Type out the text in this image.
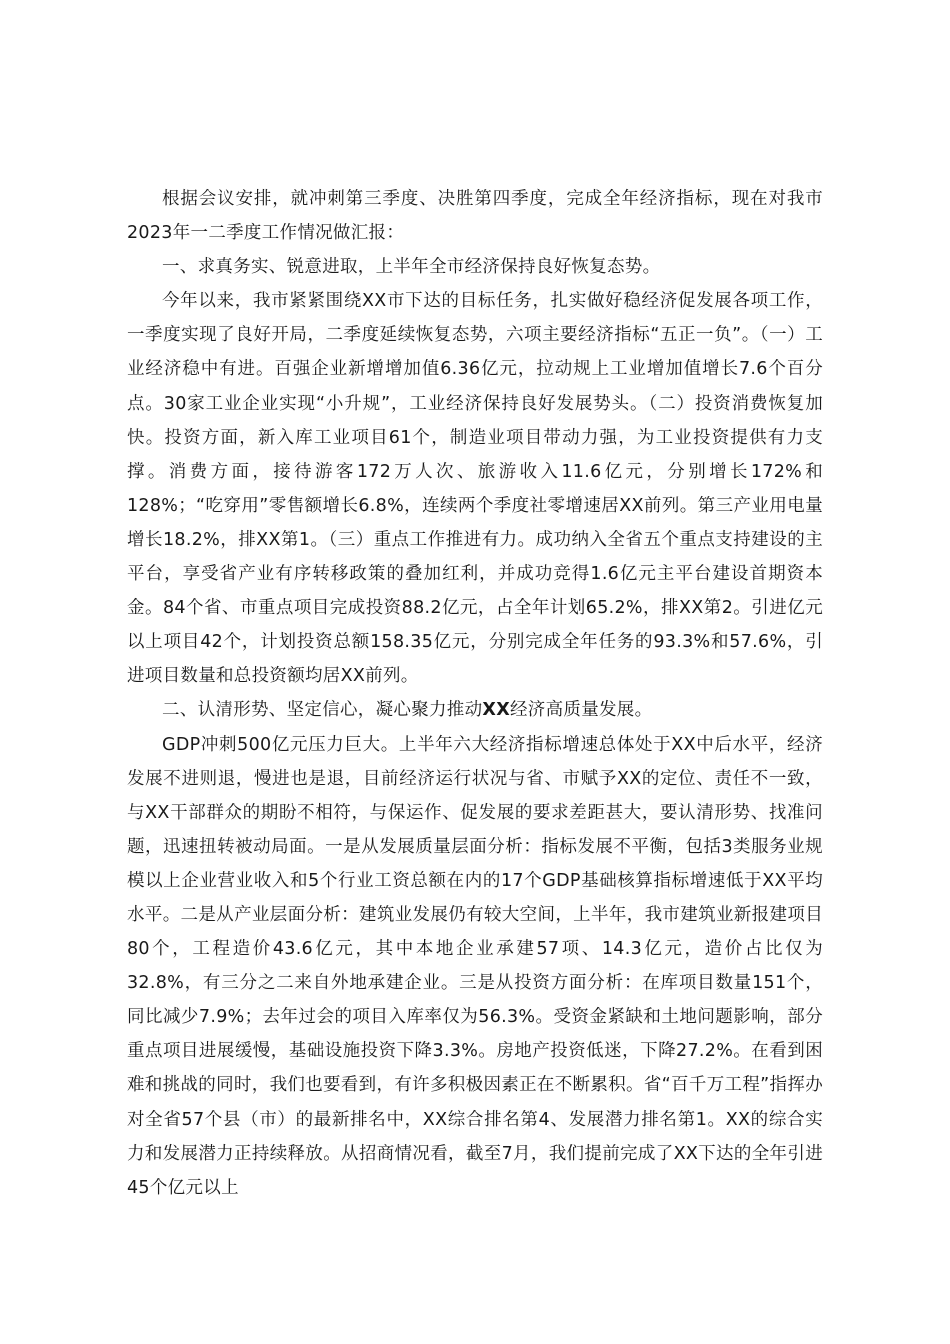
根据会议安排，就冲刺第三季度、决胜第四季度，完成全年经济指标，现在对我市2023年一二季度工作情况做汇报：

一、求真务实、锐意进取，上半年全市经济保持良好恢复态势。

今年以来，我市紧紧围绕XX市下达的目标任务，扎实做好稳经济促发展各项工作，一季度实现了良好开局，二季度延续恢复态势，六项主要经济指标“五正一负”。（一）工业经济稳中有进。百强企业新增增加值6.36亿元，拉动规上工业增加值增长7.6个百分点。30家工业企业实现“小升规”，工业经济保持良好发展势头。（二）投资消费恢复加快。投资方面，新入库工业项目61个，制造业项目带动力强，为工业投资提供有力支撑。消费方面，接待游客172万人次、旅游收入11.6亿元，分别增长172%和128%；“吃穿用”零售额增长6.8%，连续两个季度社零增速居XX前列。第三产业用电量增长18.2%，排XX第1。（三）重点工作推进有力。成功纳入全省五个重点支持建设的主平台，享受省产业有序转移政策的叠加红利，并成功竞得1.6亿元主平台建设首期资本金。84个省、市重点项目完成投资88.2亿元，占全年计划65.2%，排XX第2。引进亿元以上项目42个，计划投资总额158.35亿元，分别完成全年任务的93.3%和57.6%，引进项目数量和总投资额均居XX前列。

二、认清形势、坚定信心，凝心聚力推动XX经济高质量发展。

GDP冲刺500亿元压力巨大。上半年六大经济指标增速总体处于XX中后水平，经济发展不进则退，慢进也是退，目前经济运行状况与省、市赋予XX的定位、责任不一致，与XX干部群众的期盼不相符，与保运作、促发展的要求差距甚大，要认清形势、找准问题，迅速扭转被动局面。一是从发展质量层面分析：指标发展不平衡，包括3类服务业规模以上企业营业收入和5个行业工资总额在内的17个GDP基础核算指标增速低于XX平均水平。二是从产业层面分析：建筑业发展仍有较大空间，上半年，我市建筑业新报建项目80个，工程造价43.6亿元，其中本地企业承建57项、14.3亿元，造价占比仅为32.8%，有三分之二来自外地承建企业。三是从投资方面分析：在库项目数量151个，同比减少7.9%；去年过会的项目入库率仅为56.3%。受资金紧缺和土地问题影响，部分重点项目进展缓慢，基础设施投资下降3.3%。房地产投资低迷，下降27.2%。在看到困难和挑战的同时，我们也要看到，有许多积极因素正在不断累积。省“百千万工程”指挥办对全省57个县（市）的最新排名中，XX综合排名第4、发展潜力排名第1。XX的综合实力和发展潜力正持续释放。从招商情况看，截至7月，我们提前完成了XX下达的全年引进45个亿元以上
